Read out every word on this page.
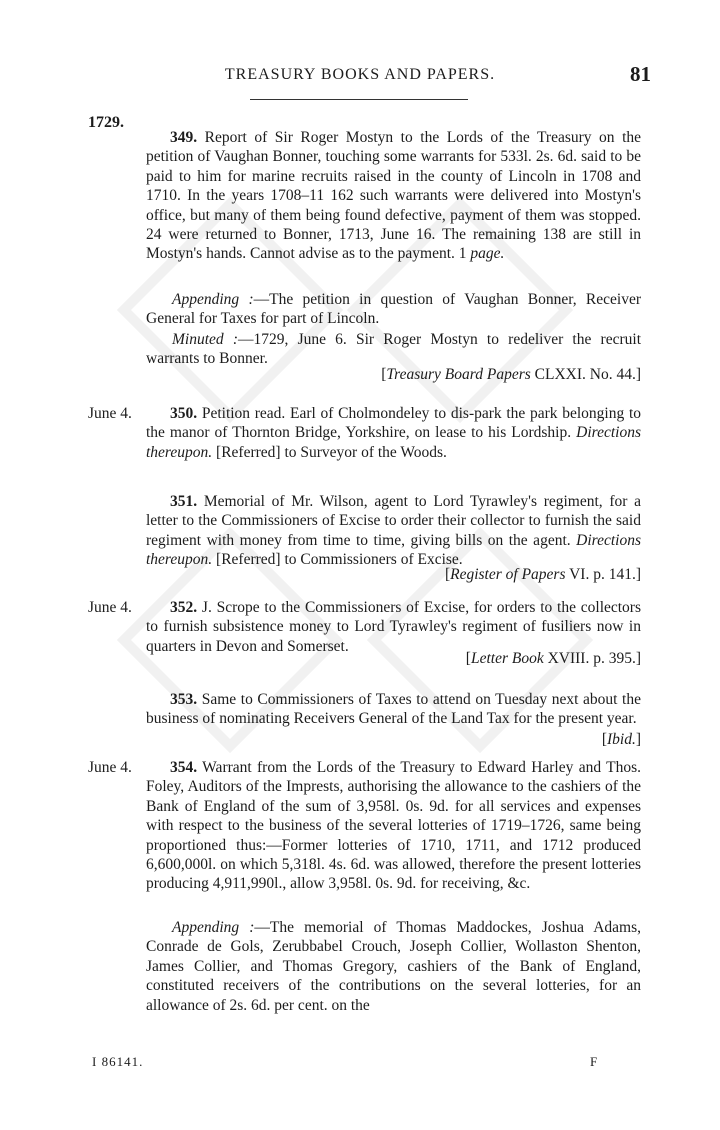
TREASURY BOOKS AND PAPERS.	81
1729.
349. Report of Sir Roger Mostyn to the Lords of the Treasury on the petition of Vaughan Bonner, touching some warrants for 533l. 2s. 6d. said to be paid to him for marine recruits raised in the county of Lincoln in 1708 and 1710. In the years 1708–11 162 such warrants were delivered into Mostyn's office, but many of them being found defective, payment of them was stopped. 24 were returned to Bonner, 1713, June 16. The remaining 138 are still in Mostyn's hands. Cannot advise as to the payment. 1 page.
Appending :—The petition in question of Vaughan Bonner, Receiver General for Taxes for part of Lincoln.
Minuted :—1729, June 6. Sir Roger Mostyn to redeliver the recruit warrants to Bonner.
[Treasury Board Papers CLXXI. No. 44.]
June 4.	350. Petition read. Earl of Cholmondeley to dis-park the park belonging to the manor of Thornton Bridge, Yorkshire, on lease to his Lordship. Directions thereupon. [Referred] to Surveyor of the Woods.
351. Memorial of Mr. Wilson, agent to Lord Tyrawley's regiment, for a letter to the Commissioners of Excise to order their collector to furnish the said regiment with money from time to time, giving bills on the agent. Directions thereupon. [Referred] to Commissioners of Excise.
[Register of Papers VI. p. 141.]
June 4.	352. J. Scrope to the Commissioners of Excise, for orders to the collectors to furnish subsistence money to Lord Tyrawley's regiment of fusiliers now in quarters in Devon and Somerset.
[Letter Book XVIII. p. 395.]
353. Same to Commissioners of Taxes to attend on Tuesday next about the business of nominating Receivers General of the Land Tax for the present year.
[Ibid.]
June 4.	354. Warrant from the Lords of the Treasury to Edward Harley and Thos. Foley, Auditors of the Imprests, authorising the allowance to the cashiers of the Bank of England of the sum of 3,958l. 0s. 9d. for all services and expenses with respect to the business of the several lotteries of 1719–1726, same being proportioned thus:—Former lotteries of 1710, 1711, and 1712 produced 6,600,000l. on which 5,318l. 4s. 6d. was allowed, therefore the present lotteries producing 4,911,990l., allow 3,958l. 0s. 9d. for receiving, &c.
Appending :—The memorial of Thomas Maddockes, Joshua Adams, Conrade de Gols, Zerubbabel Crouch, Joseph Collier, Wollaston Shenton, James Collier, and Thomas Gregory, cashiers of the Bank of England, constituted receivers of the contributions on the several lotteries, for an allowance of 2s. 6d. per cent. on the
I 86141.	F
